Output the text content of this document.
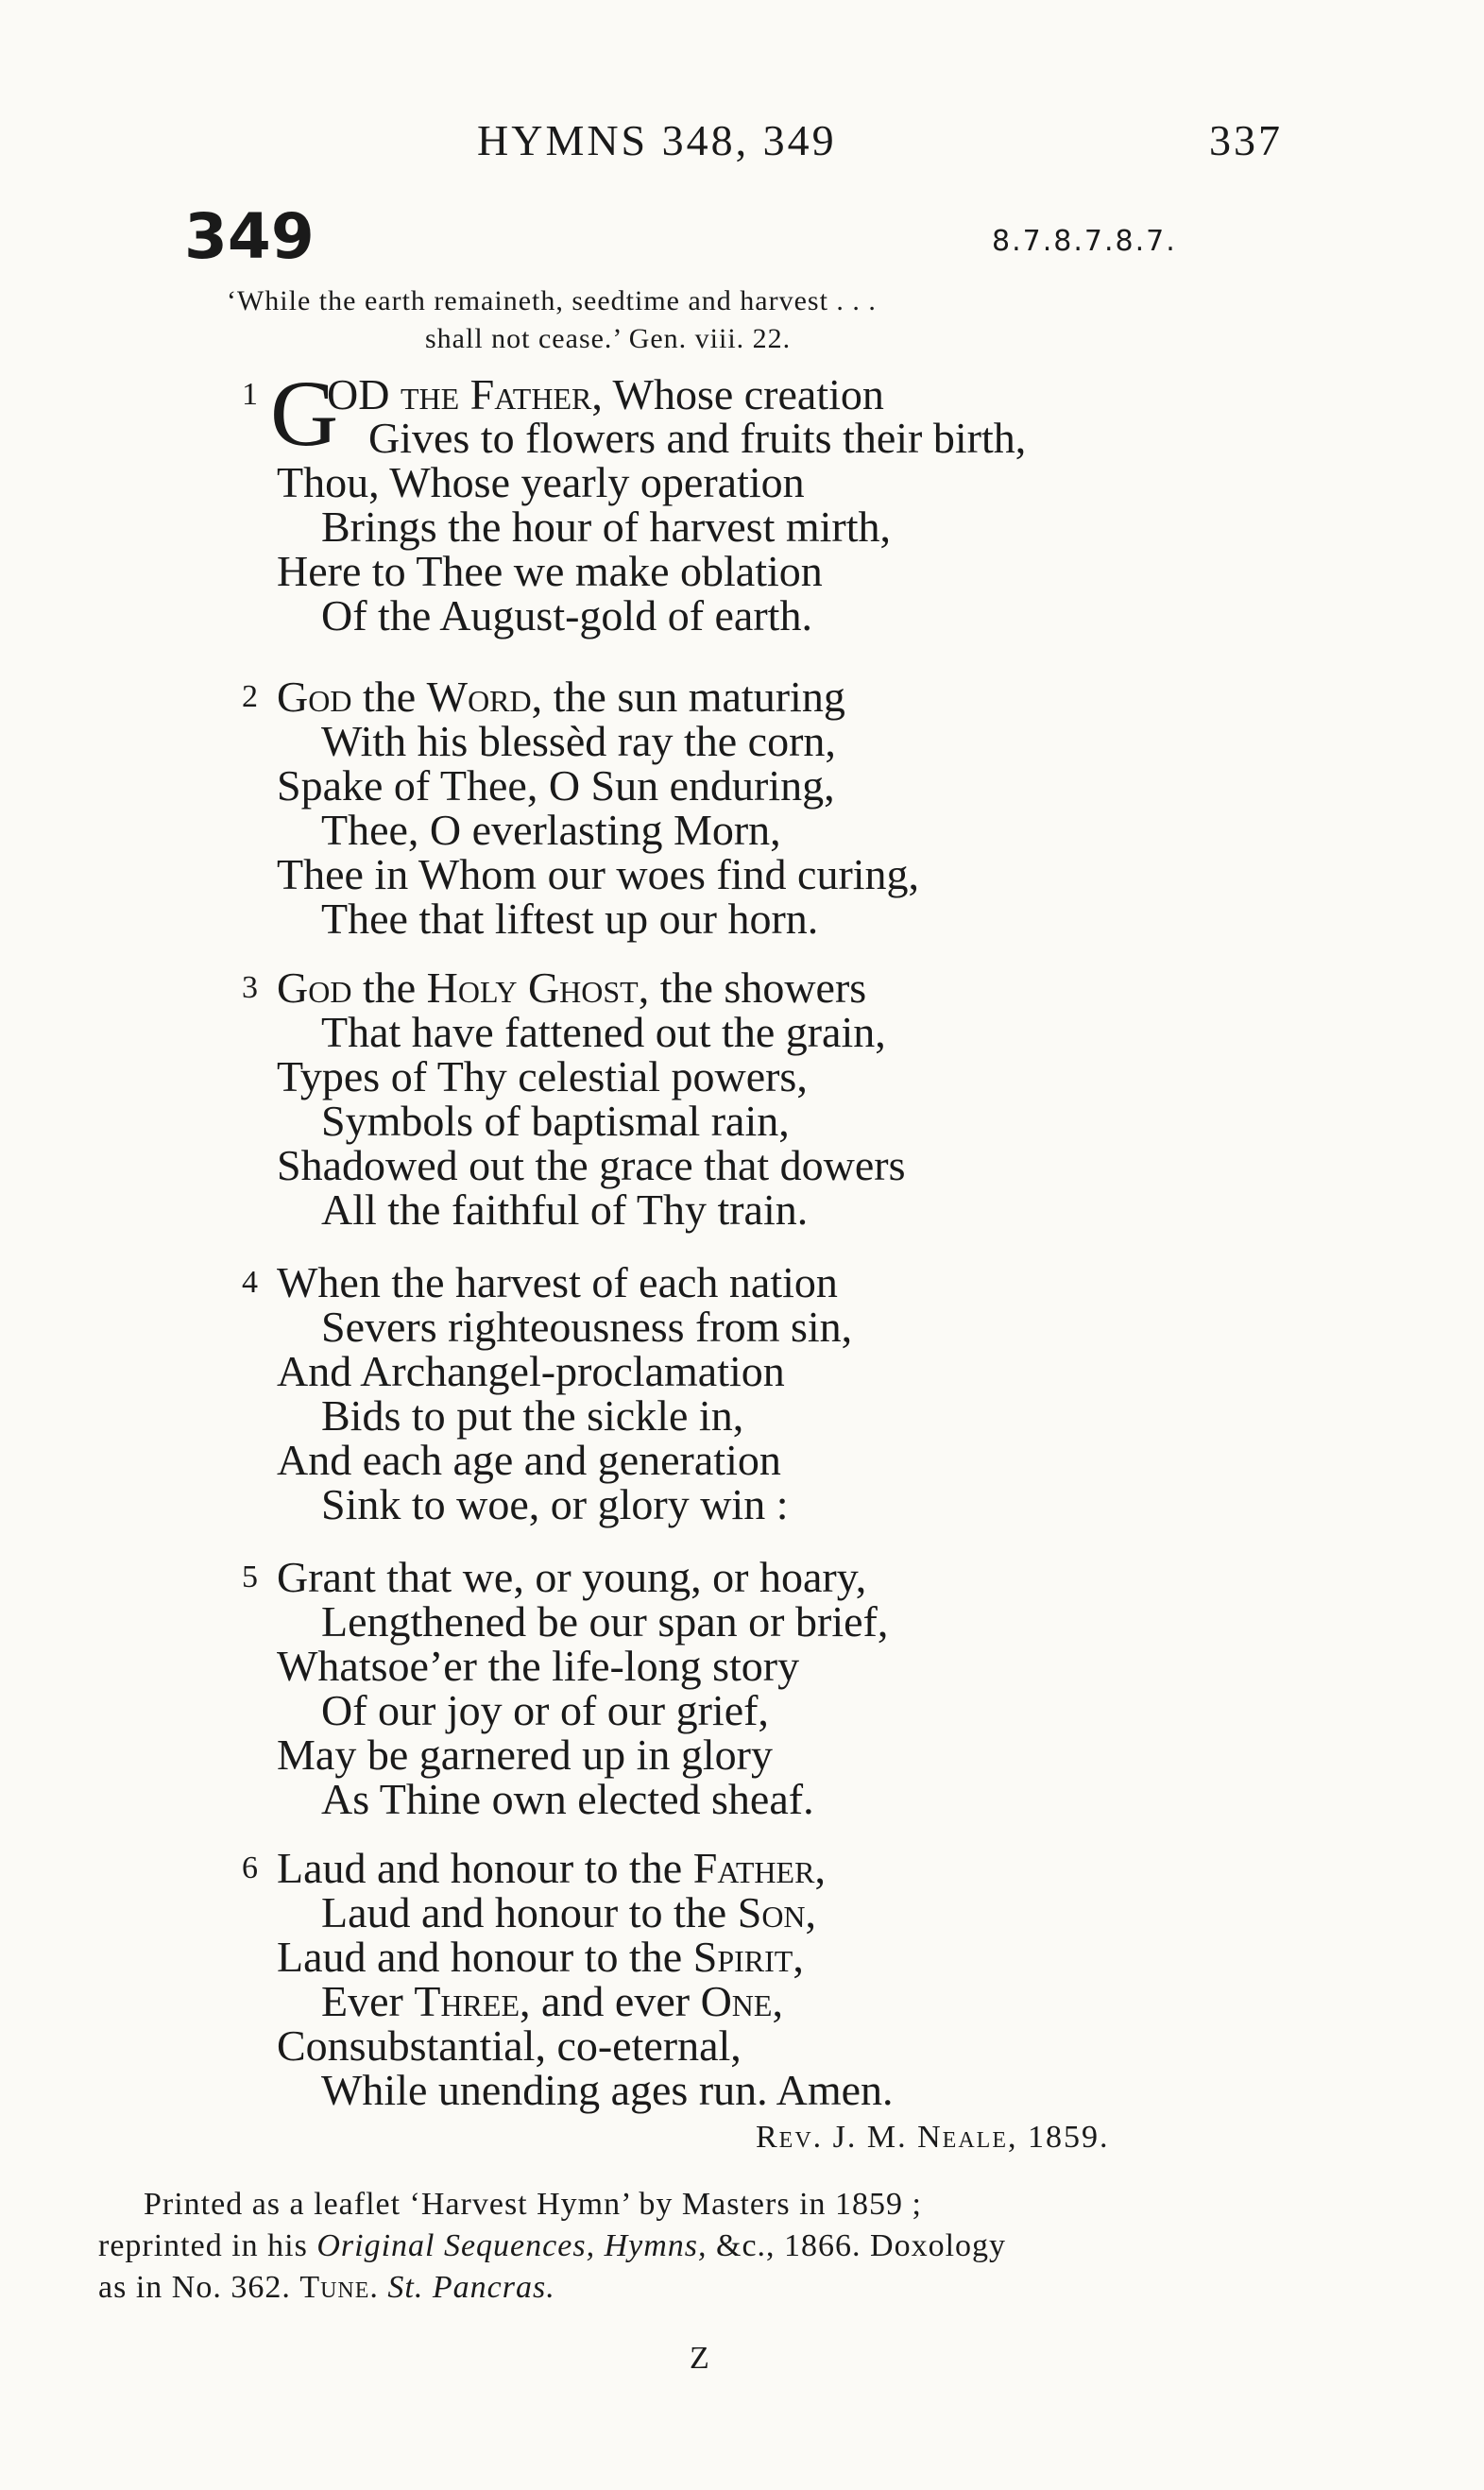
HYMNS 348, 349	337
349	8.7.8.7.8.7.
‘While the earth remaineth, seedtime and harvest . . .
shall not cease.’ Gen. viii. 22.
1 G
OD the Father, Whose creation
Gives to flowers and fruits their birth,
Thou, Whose yearly operation
Brings the hour of harvest mirth,
Here to Thee we make oblation
Of the August-gold of earth.
2 God the Word, the sun maturing
With his blessèd ray the corn,
Spake of Thee, O Sun enduring,
Thee, O everlasting Morn,
Thee in Whom our woes find curing,
Thee that liftest up our horn.
3 God the Holy Ghost, the showers
That have fattened out the grain,
Types of Thy celestial powers,
Symbols of baptismal rain,
Shadowed out the grace that dowers
All the faithful of Thy train.
4 When the harvest of each nation
Severs righteousness from sin,
And Archangel-proclamation
Bids to put the sickle in,
And each age and generation
Sink to woe, or glory win :
5 Grant that we, or young, or hoary,
Lengthened be our span or brief,
Whatsoe’er the life-long story
Of our joy or of our grief,
May be garnered up in glory
As Thine own elected sheaf.
6 Laud and honour to the Father,
Laud and honour to the Son,
Laud and honour to the Spirit,
Ever Three, and ever One,
Consubstantial, co-eternal,
While unending ages run. Amen.
Rev. J. M. Neale, 1859.
Printed as a leaflet ‘Harvest Hymn’ by Masters in 1859 ;
reprinted in his Original Sequences, Hymns, &c., 1866. Doxology
as in No. 362. Tune. St. Pancras.
Z
